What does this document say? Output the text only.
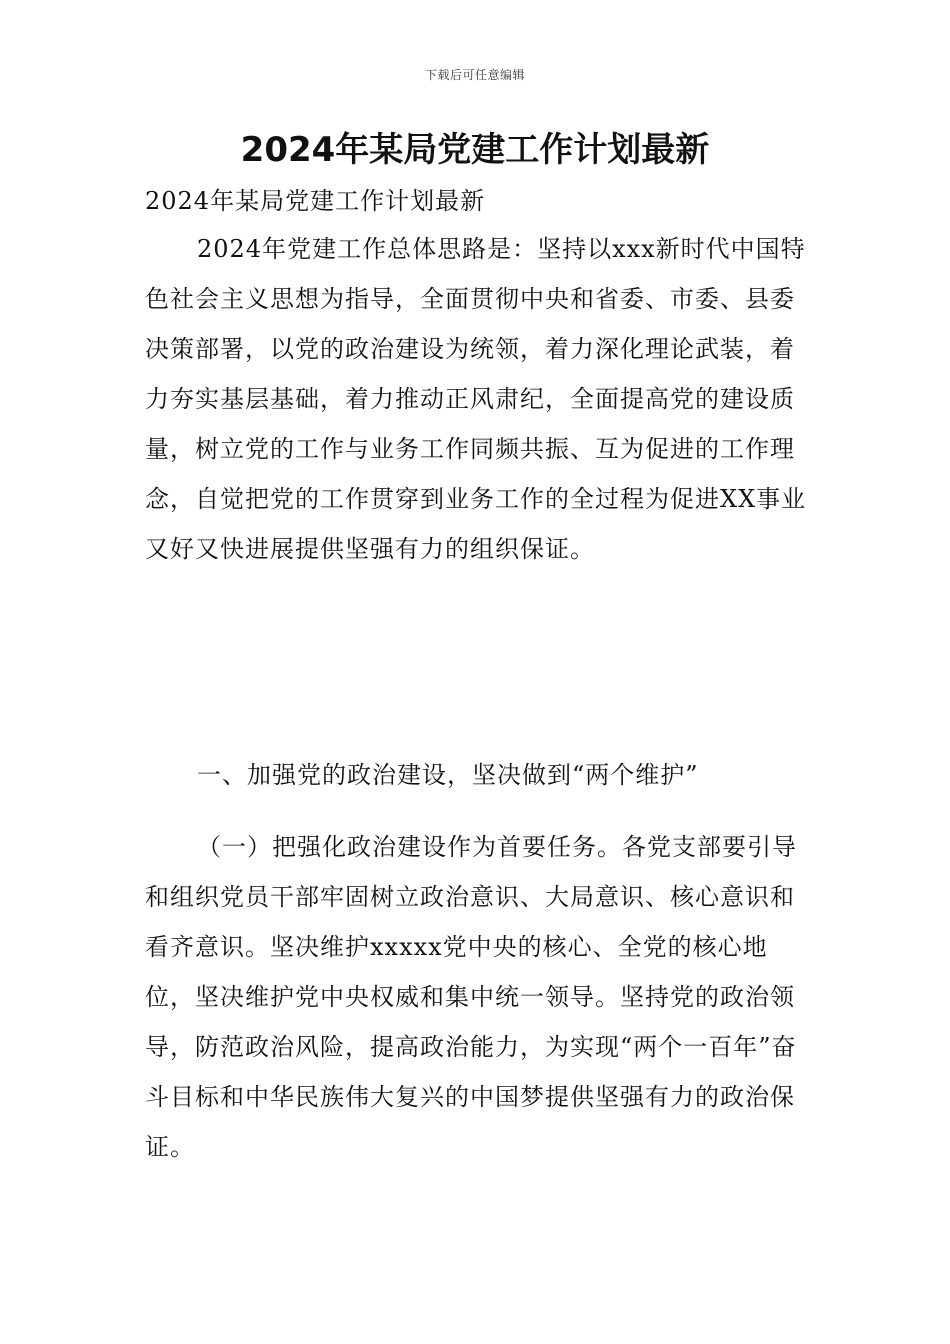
下载后可任意编辑
2024年某局党建工作计划最新

2024年某局党建工作计划最新

2024年党建工作总体思路是：坚持以xxx新时代中国特色社会主义思想为指导，全面贯彻中央和省委、市委、县委决策部署，以党的政治建设为统领，着力深化理论武装，着力夯实基层基础，着力推动正风肃纪，全面提高党的建设质量，树立党的工作与业务工作同频共振、互为促进的工作理念，自觉把党的工作贯穿到业务工作的全过程为促进XX事业又好又快进展提供坚强有力的组织保证。

一、加强党的政治建设，坚决做到“两个维护”

（一）把强化政治建设作为首要任务。各党支部要引导和组织党员干部牢固树立政治意识、大局意识、核心意识和看齐意识。坚决维护xxxxx党中央的核心、全党的核心地位，坚决维护党中央权威和集中统一领导。坚持党的政治领导，防范政治风险，提高政治能力，为实现“两个一百年”奋斗目标和中华民族伟大复兴的中国梦提供坚强有力的政治保证。
